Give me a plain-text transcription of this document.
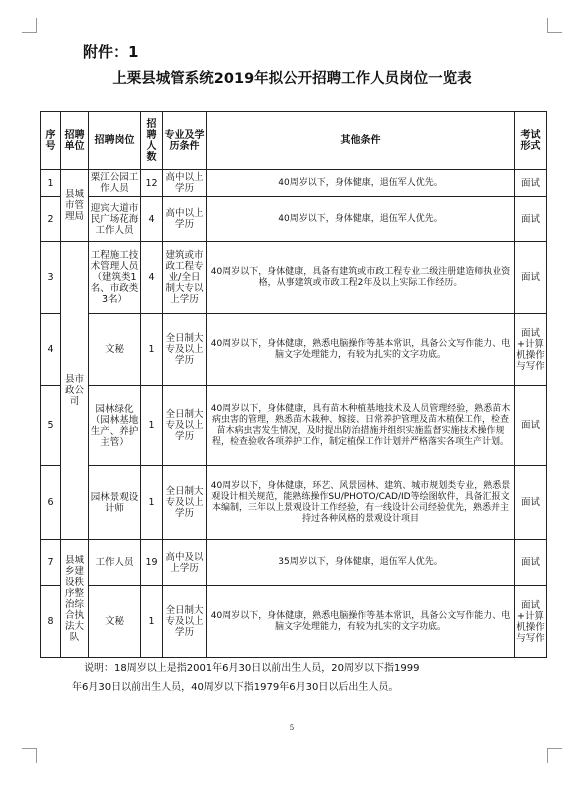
附件：1
上栗县城管系统2019年拟公开招聘工作人员岗位一览表
序号	招聘单位	招聘岗位	招聘人数	专业及学历条件	其他条件	考试形式
1	县城市管理局	栗江公园工作人员	12	高中以上学历	40周岁以下，身体健康，退伍军人优先。	面试
2		迎宾大道市民广场花海工作人员	4	高中以上学历	40周岁以下，身体健康，退伍军人优先。	面试
3	县市政公司	工程施工技术管理人员（建筑类1名、市政类3名）	4	建筑或市政工程专业/全日制大专以上学历	40周岁以下，身体健康，具备有建筑或市政工程专业二级注册建造师执业资格，从事建筑或市政工程2年及以上实际工作经历。	面试
4		文秘	1	全日制大专及以上学历	40周岁以下，身体健康，熟悉电脑操作等基本常识，具备公文写作能力、电脑文字处理能力，有较为扎实的文字功底。	面试+计算机操作与写作
5		园林绿化（园林基地生产、养护主管）	1	全日制大专及以上学历	40周岁以下，身体健康，具有苗木种植基地技术及人员管理经验，熟悉苗木病虫害的管理，熟悉苗木栽种、嫁接、日常养护管理及苗木植保工作，检查苗木病虫害发生情况，及时提出防治措施并组织实施监督实施技术操作规程，检查验收各项养护工作，制定植保工作计划并严格落实各项生产计划。	面试
6		园林景观设计师	1	全日制大专及以上学历	40周岁以下，身体健康，环艺、风景园林、建筑、城市规划类专业，熟悉景观设计相关规范，能熟练操作SU/PHOTO/CAD/ID等绘图软件，具备汇报文本编制，三年以上景观设计工作经验，有一线设计公司经验优先，熟悉并主持过各种风格的景观设计项目	面试
7	县城乡建设秩序整治综合执法大队	工作人员	19	高中及以上学历	35周岁以下，身体健康，退伍军人优先。	面试
8		文秘	1	全日制大专及以上学历	40周岁以下，身体健康，熟悉电脑操作等基本常识，具备公文写作能力、电脑文字处理能力，有较为扎实的文字功底。	面试+计算机操作与写作
说明：18周岁以上是指2001年6月30日以前出生人员，20周岁以下指1999
年6月30日以前出生人员，40周岁以下指1979年6月30日以后出生人员。
5
